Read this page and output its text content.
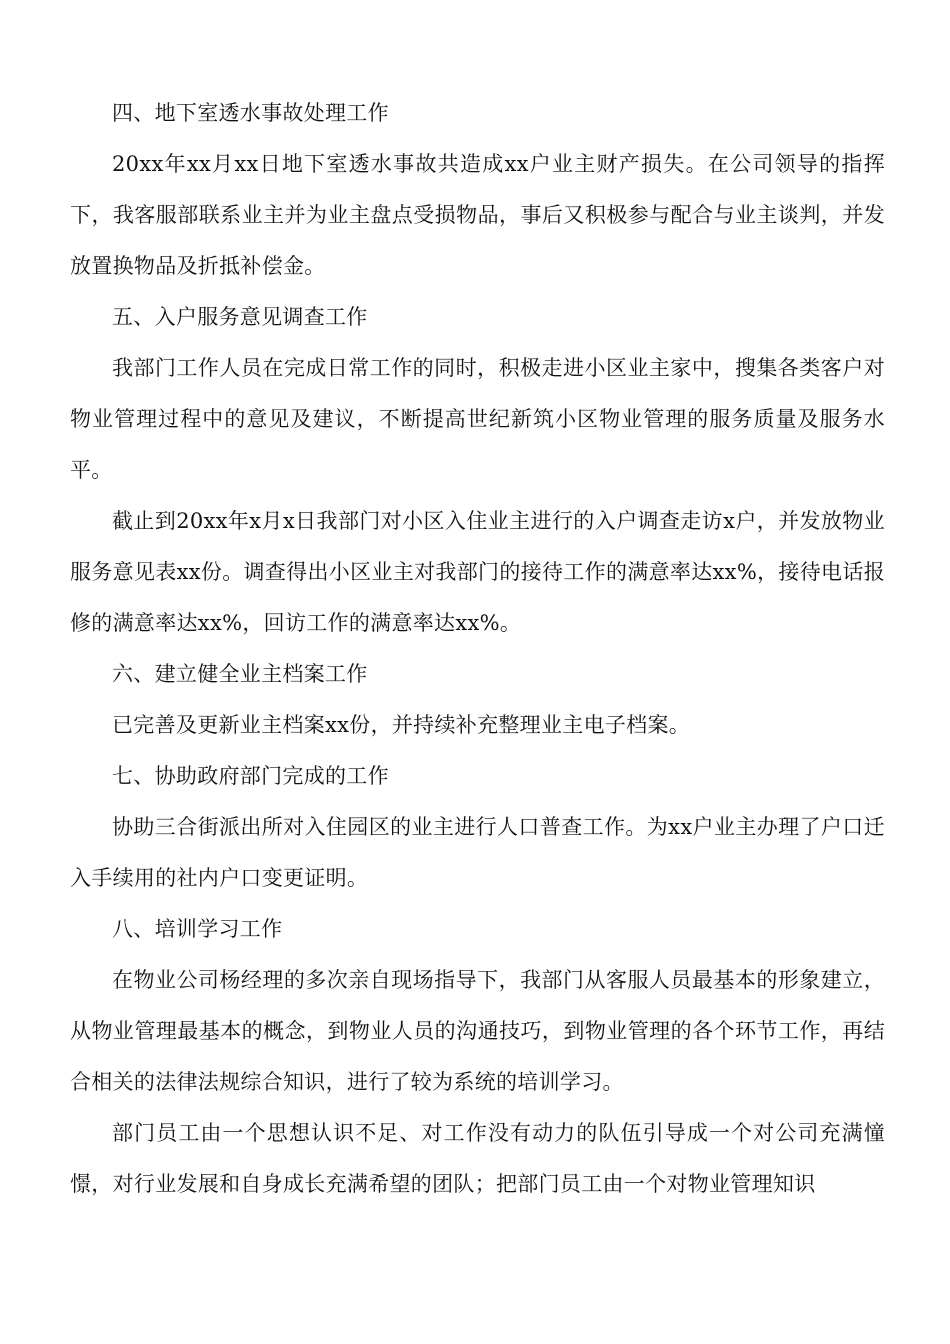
四、地下室透水事故处理工作

20xx年xx月xx日地下室透水事故共造成xx户业主财产损失。在公司领导的指挥下，我客服部联系业主并为业主盘点受损物品，事后又积极参与配合与业主谈判，并发放置换物品及折抵补偿金。

五、入户服务意见调查工作

我部门工作人员在完成日常工作的同时，积极走进小区业主家中，搜集各类客户对物业管理过程中的意见及建议，不断提高世纪新筑小区物业管理的服务质量及服务水平。

截止到20xx年x月x日我部门对小区入住业主进行的入户调查走访x户，并发放物业服务意见表xx份。调查得出小区业主对我部门的接待工作的满意率达xx%，接待电话报修的满意率达xx%，回访工作的满意率达xx%。

六、建立健全业主档案工作

已完善及更新业主档案xx份，并持续补充整理业主电子档案。

七、协助政府部门完成的工作

协助三合街派出所对入住园区的业主进行人口普查工作。为xx户业主办理了户口迁入手续用的社内户口变更证明。

八、培训学习工作

在物业公司杨经理的多次亲自现场指导下，我部门从客服人员最基本的形象建立，从物业管理最基本的概念，到物业人员的沟通技巧，到物业管理的各个环节工作，再结合相关的法律法规综合知识，进行了较为系统的培训学习。

部门员工由一个思想认识不足、对工作没有动力的队伍引导成一个对公司充满憧憬，对行业发展和自身成长充满希望的团队；把部门员工由一个对物业管理知识
